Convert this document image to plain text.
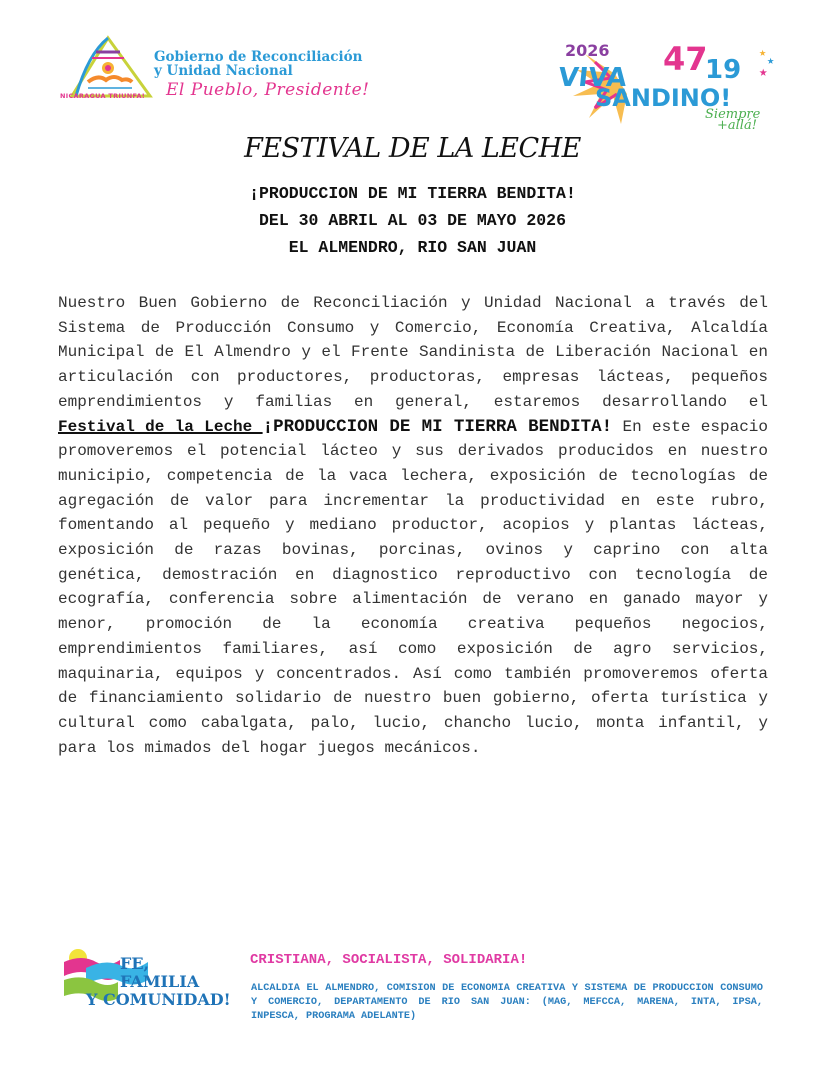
NICARAGUA TRIUNFA!
Gobierno de Reconciliación
y Unidad Nacional
El Pueblo, Presidente!
2026 47
19
★
★
★
VIVA
SANDINO!
Siempre
+allá!
FESTIVAL DE LA LECHE
¡PRODUCCION DE MI TIERRA BENDITA!
DEL 30 ABRIL AL 03 DE MAYO 2026
EL ALMENDRO, RIO SAN JUAN
Nuestro Buen Gobierno de Reconciliación y Unidad Nacional a través del Sistema de Producción Consumo y Comercio, Economía Creativa, Alcaldía Municipal de El Almendro y el Frente Sandinista de Liberación Nacional en articulación con productores, productoras, empresas lácteas, pequeños emprendimientos y familias en general, estaremos desarrollando el Festival de la Leche ¡PRODUCCION DE MI TIERRA BENDITA! En este espacio promoveremos el potencial lácteo y sus derivados producidos en nuestro municipio, competencia de la vaca lechera, exposición de tecnologías de agregación de valor para incrementar la productividad en este rubro, fomentando al pequeño y mediano productor, acopios y plantas lácteas, exposición de razas bovinas, porcinas, ovinos y caprino con alta genética, demostración en diagnostico reproductivo con tecnología de ecografía, conferencia sobre alimentación de verano en ganado mayor y menor, promoción de la economía creativa pequeños negocios, emprendimientos familiares, así como exposición de agro servicios, maquinaria, equipos y concentrados. Así como también promoveremos oferta de financiamiento solidario de nuestro buen gobierno, oferta turística y cultural como cabalgata, palo, lucio, chancho lucio, monta infantil, y para los mimados del hogar juegos mecánicos.
FE,
FAMILIA
Y COMUNIDAD!
CRISTIANA, SOCIALISTA, SOLIDARIA!
ALCALDIA EL ALMENDRO, COMISION DE ECONOMIA CREATIVA Y SISTEMA DE PRODUCCION CONSUMO Y COMERCIO, DEPARTAMENTO DE RIO SAN JUAN: (MAG, MEFCCA, MARENA, INTA, IPSA, INPESCA, PROGRAMA ADELANTE)
